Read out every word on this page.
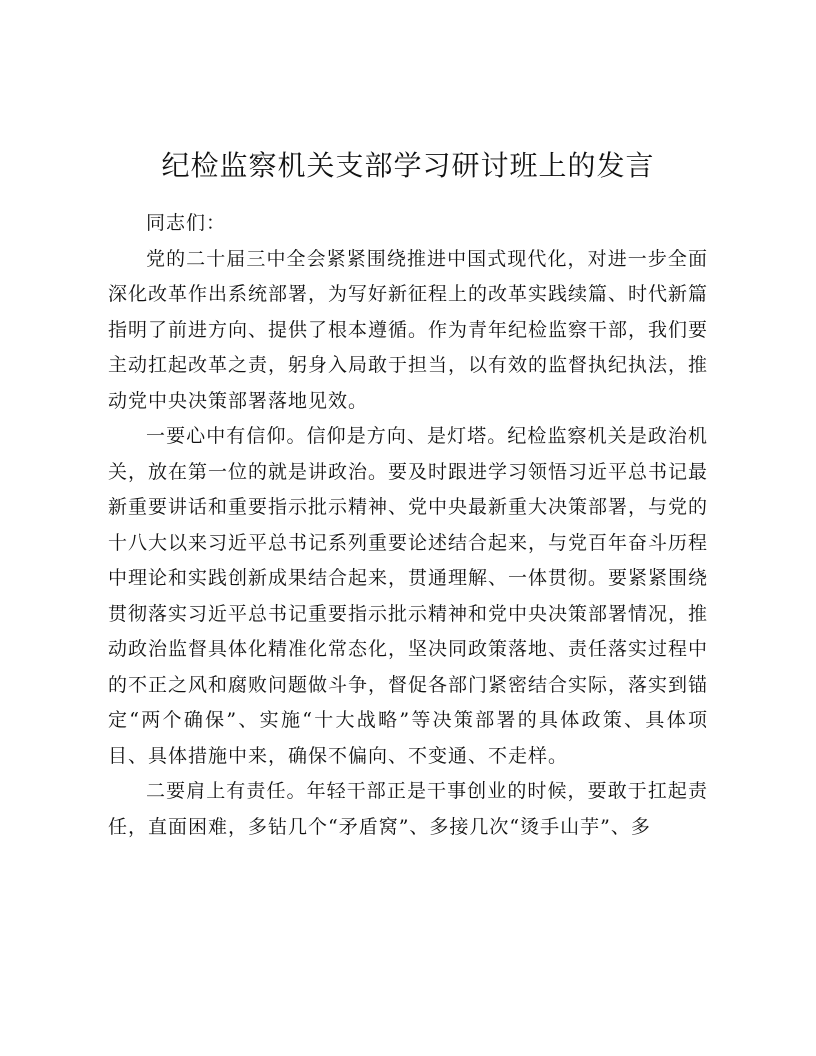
纪检监察机关支部学习研讨班上的发言

同志们：

党的二十届三中全会紧紧围绕推进中国式现代化，对进一步全面深化改革作出系统部署，为写好新征程上的改革实践续篇、时代新篇指明了前进方向、提供了根本遵循。作为青年纪检监察干部，我们要主动扛起改革之责，躬身入局敢于担当，以有效的监督执纪执法，推动党中央决策部署落地见效。

一要心中有信仰。信仰是方向、是灯塔。纪检监察机关是政治机关，放在第一位的就是讲政治。要及时跟进学习领悟习近平总书记最新重要讲话和重要指示批示精神、党中央最新重大决策部署，与党的十八大以来习近平总书记系列重要论述结合起来，与党百年奋斗历程中理论和实践创新成果结合起来，贯通理解、一体贯彻。要紧紧围绕贯彻落实习近平总书记重要指示批示精神和党中央决策部署情况，推动政治监督具体化精准化常态化，坚决同政策落地、责任落实过程中的不正之风和腐败问题做斗争，督促各部门紧密结合实际，落实到锚定“两个确保”、实施“十大战略”等决策部署的具体政策、具体项目、具体措施中来，确保不偏向、不变通、不走样。

二要肩上有责任。年轻干部正是干事创业的时候，要敢于扛起责任，直面困难，多钻几个“矛盾窝”、多接几次“烫手山芋”、多
